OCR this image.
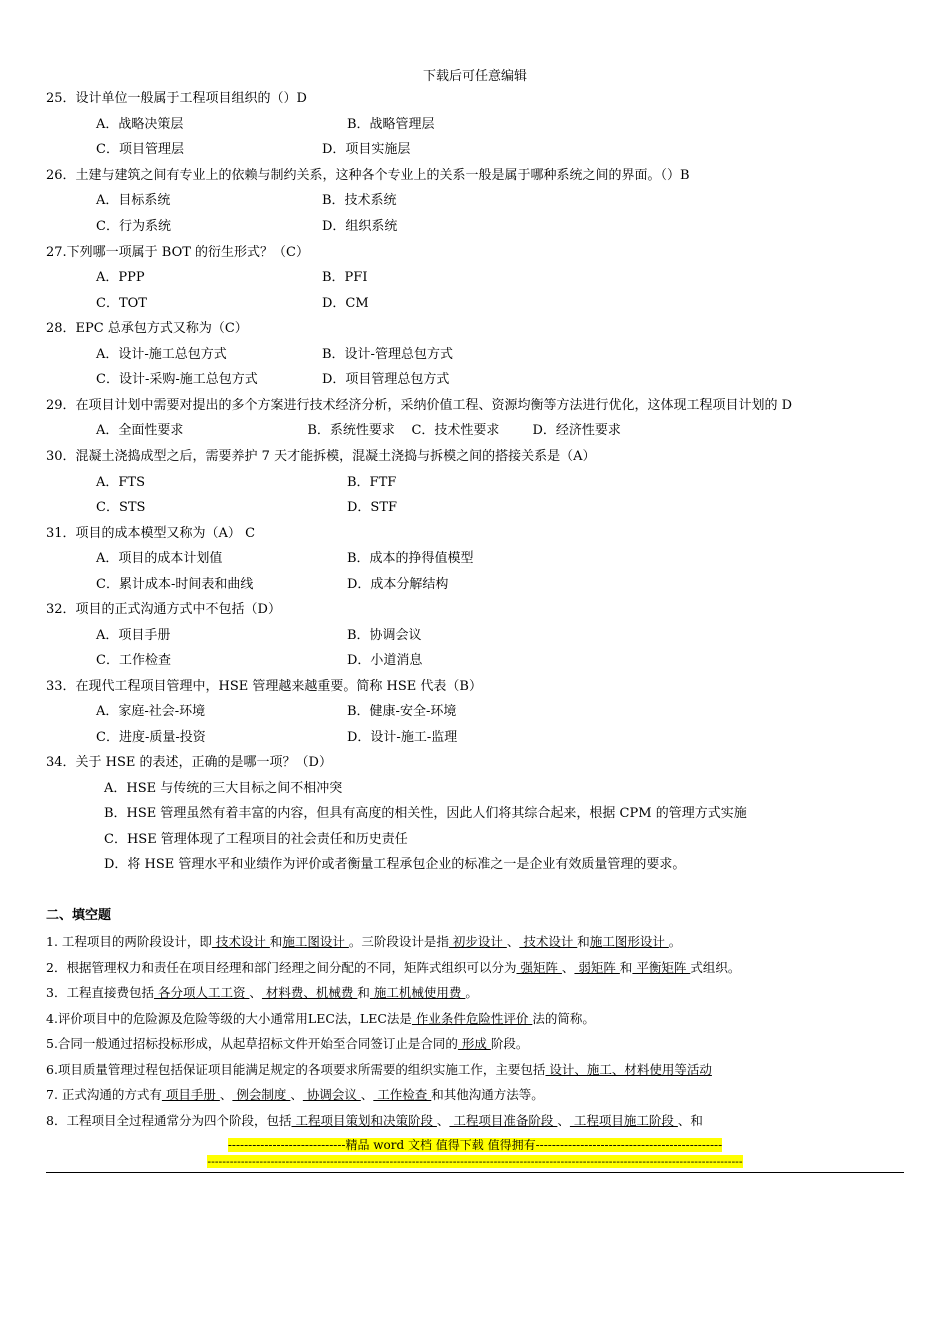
下载后可任意编辑
25．设计单位一般属于工程项目组织的（）D
A．战略决策层	B．战略管理层
C．项目管理层	D．项目实施层
26．土建与建筑之间有专业上的依赖与制约关系，这种各个专业上的关系一般是属于哪种系统之间的界面。（）B
A．目标系统	B．技术系统
C．行为系统	D．组织系统
27.下列哪一项属于 BOT 的衍生形式？（C）
A．PPP	B．PFI
C．TOT	D．CM
28．EPC 总承包方式又称为（C）
A．设计-施工总包方式	B．设计-管理总包方式
C．设计-采购-施工总包方式	D．项目管理总包方式
29．在项目计划中需要对提出的多个方案进行技术经济分析，采纳价值工程、资源均衡等方法进行优化，这体现工程项目计划的 D
A．全面性要求                              B．系统性要求    C．技术性要求        D．经济性要求
30．混凝土浇捣成型之后，需要养护 7 天才能拆模，混凝土浇捣与拆模之间的搭接关系是（A）
A．FTS	B．FTF
C．STS	D．STF
31．项目的成本模型又称为（A） C
A．项目的成本计划值	B．成本的挣得值模型
C．累计成本-时间表和曲线	D．成本分解结构
32．项目的正式沟通方式中不包括（D）
A．项目手册	B．协调会议
C．工作检查	D．小道消息
33．在现代工程项目管理中，HSE 管理越来越重要。简称 HSE 代表（B）
A．家庭-社会-环境	B．健康-安全-环境
C．进度-质量-投资	D．设计-施工-监理
34．关于 HSE 的表述，正确的是哪一项？（D）
A．HSE 与传统的三大目标之间不相冲突
B．HSE 管理虽然有着丰富的内容，但具有高度的相关性，因此人们将其综合起来，根据 CPM 的管理方式实施
C．HSE 管理体现了工程项目的社会责任和历史责任
D．将 HSE 管理水平和业绩作为评价或者衡量工程承包企业的标准之一是企业有效质量管理的要求。
二、填空题
1. 工程项目的两阶段设计，即 技术设计 和施工图设计 。三阶段设计是指 初步设计 、 技术设计 和施工图形设计 。
2．根据管理权力和责任在项目经理和部门经理之间分配的不同，矩阵式组织可以分为 强矩阵 、 弱矩阵 和 平衡矩阵 式组织。
3．工程直接费包括 各分项人工工资 、 材料费、机械费 和 施工机械使用费 。
4.评价项目中的危险源及危险等级的大小通常用LEC法，LEC法是 作业条件危险性评价 法的简称。
5.合同一般通过招标投标形成，从起草招标文件开始至合同签订止是合同的 形成 阶段。
6.项目质量管理过程包括保证项目能满足规定的各项要求所需要的组织实施工作，主要包括 设计、施工、材料使用等活动
7. 正式沟通的方式有 项目手册 、 例会制度 、 协调会议 、 工作检查 和其他沟通方法等。
8．工程项目全过程通常分为四个阶段，包括 工程项目策划和决策阶段 、 工程项目准备阶段 、 工程项目施工阶段 、和
-----------------------------精品 word 文档 值得下载 值得拥有----------------------------------------------
------------------------------------------------------------------------------------------------------------------------------------------------
